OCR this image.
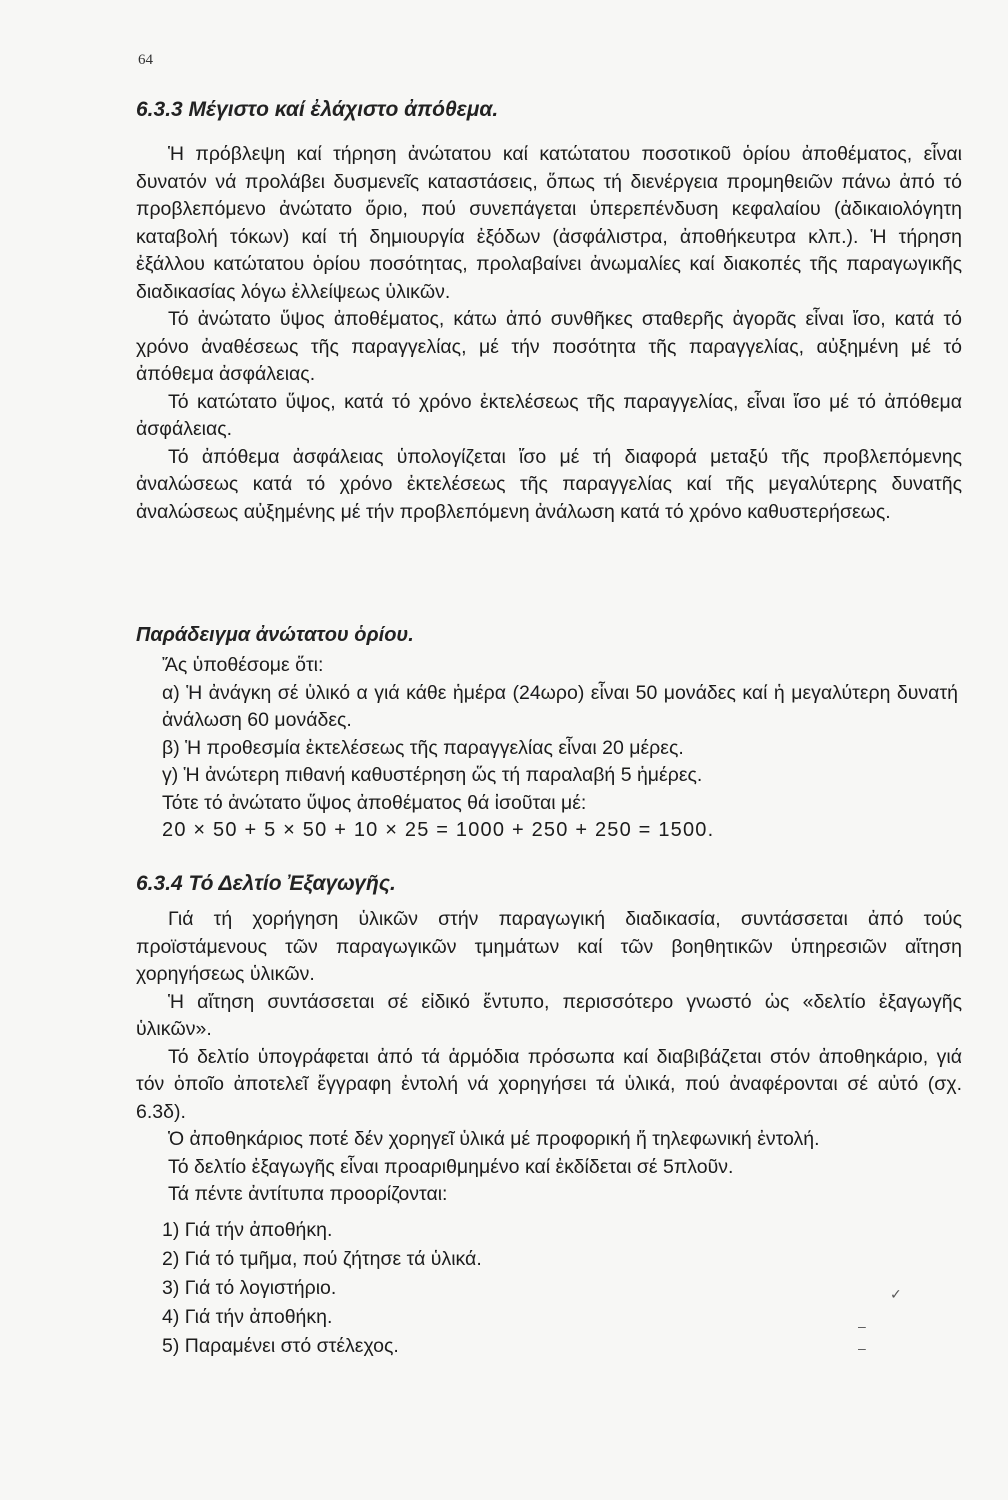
64
6.3.3 Μέγιστο καί ἐλάχιστο ἀπόθεμα.

Ἡ πρόβλεψη καί τήρηση ἀνώτατου καί κατώτατου ποσοτικοῦ ὁρίου ἀποθέματος, εἶναι δυνατόν νά προλάβει δυσμενεῖς καταστάσεις, ὅπως τή διενέργεια προμηθειῶν πάνω ἀπό τό προβλεπόμενο ἀνώτατο ὅριο, πού συνεπάγεται ὑπερεπένδυση κεφαλαίου (ἀδικαιολόγητη καταβολή τόκων) καί τή δημιουργία ἐξόδων (ἀσφάλιστρα, ἀποθήκευτρα κλπ.). Ἡ τήρηση ἐξάλλου κατώτατου ὁρίου ποσότητας, προλαβαίνει ἀνωμαλίες καί διακοπές τῆς παραγωγικῆς διαδικασίας λόγω ἐλλείψεως ὑλικῶν.

Τό ἀνώτατο ὕψος ἀποθέματος, κάτω ἀπό συνθῆκες σταθερῆς ἀγορᾶς εἶναι ἴσο, κατά τό χρόνο ἀναθέσεως τῆς παραγγελίας, μέ τήν ποσότητα τῆς παραγγελίας, αὐξημένη μέ τό ἀπόθεμα ἀσφάλειας.

Τό κατώτατο ὕψος, κατά τό χρόνο ἐκτελέσεως τῆς παραγγελίας, εἶναι ἴσο μέ τό ἀπόθεμα ἀσφάλειας.

Τό ἀπόθεμα ἀσφάλειας ὑπολογίζεται ἴσο μέ τή διαφορά μεταξύ τῆς προβλεπόμενης ἀναλώσεως κατά τό χρόνο ἐκτελέσεως τῆς παραγγελίας καί τῆς μεγαλύτερης δυνατῆς ἀναλώσεως αὐξημένης μέ τήν προβλεπόμενη ἀνάλωση κατά τό χρόνο καθυστερήσεως.

Παράδειγμα ἀνώτατου ὁρίου.
Ἄς ὑποθέσομε ὅτι:
α) Ἡ ἀνάγκη σέ ὑλικό α γιά κάθε ἡμέρα (24ωρο) εἶναι 50 μονάδες καί ἡ μεγαλύτερη δυνατή ἀνάλωση 60 μονάδες.
β) Ἡ προθεσμία ἐκτελέσεως τῆς παραγγελίας εἶναι 20 μέρες.
γ) Ἡ ἀνώτερη πιθανή καθυστέρηση ὥς τή παραλαβή 5 ἡμέρες.
Τότε τό ἀνώτατο ὕψος ἀποθέματος θά ἰσοῦται μέ:
20 × 50 + 5 × 50 + 10 × 25 = 1000 + 250 + 250 = 1500.
6.3.4 Τό Δελτίο Ἐξαγωγῆς.

Γιά τή χορήγηση ὑλικῶν στήν παραγωγική διαδικασία, συντάσσεται ἀπό τούς προϊστάμενους τῶν παραγωγικῶν τμημάτων καί τῶν βοηθητικῶν ὑπηρεσιῶν αἴτηση χορηγήσεως ὑλικῶν.

Ἡ αἴτηση συντάσσεται σέ εἰδικό ἔντυπο, περισσότερο γνωστό ὡς «δελτίο ἐξαγωγῆς ὑλικῶν».

Τό δελτίο ὑπογράφεται ἀπό τά ἁρμόδια πρόσωπα καί διαβιβάζεται στόν ἀποθηκάριο, γιά τόν ὁποῖο ἀποτελεῖ ἔγγραφη ἐντολή νά χορηγήσει τά ὑλικά, πού ἀναφέρονται σέ αὐτό (σχ. 6.3δ).

Ὁ ἀποθηκάριος ποτέ δέν χορηγεῖ ὑλικά μέ προφορική ἤ τηλεφωνική ἐντολή.

Τό δελτίο ἐξαγωγῆς εἶναι προαριθμημένο καί ἐκδίδεται σέ 5πλοῦν.

Τά πέντε ἀντίτυπα προορίζονται:

1) Γιά τήν ἀποθήκη.
2) Γιά τό τμῆμα, πού ζήτησε τά ὑλικά.
3) Γιά τό λογιστήριο.
4) Γιά τήν ἀποθήκη.
5) Παραμένει στό στέλεχος.
✓
–
–
